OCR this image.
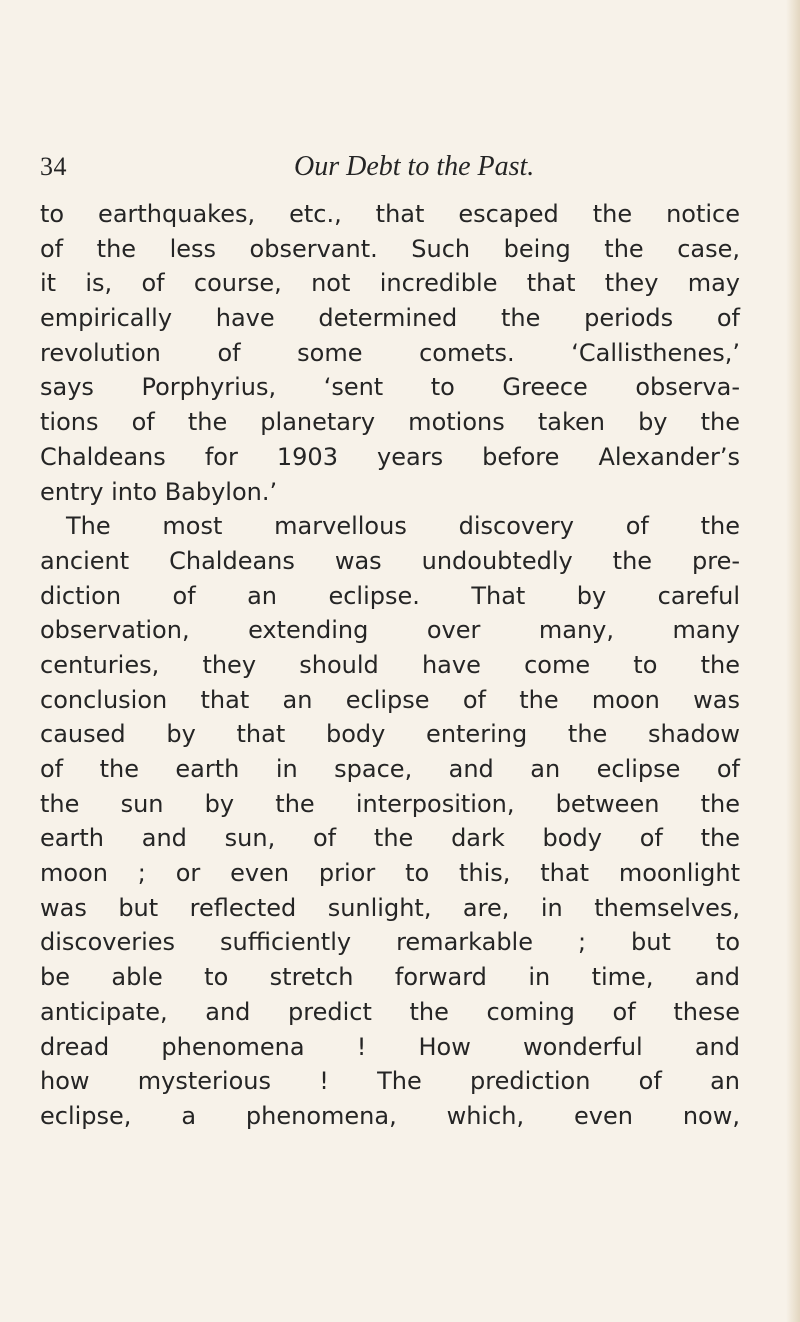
34	Our Debt to the Past.
to earthquakes, etc., that escaped the notice
of the less observant. Such being the case,
it is, of course, not incredible that they may
empirically have determined the periods of
revolution of some comets. ‘Callisthenes,’
says Porphyrius, ‘sent to Greece observa-
tions of the planetary motions taken by the
Chaldeans for 1903 years before Alexander’s
entry into Babylon.’
The most marvellous discovery of the
ancient Chaldeans was undoubtedly the pre-
diction of an eclipse. That by careful
observation, extending over many, many
centuries, they should have come to the
conclusion that an eclipse of the moon was
caused by that body entering the shadow
of the earth in space, and an eclipse of
the sun by the interposition, between the
earth and sun, of the dark body of the
moon ; or even prior to this, that moonlight
was but reflected sunlight, are, in themselves,
discoveries sufficiently remarkable ; but to
be able to stretch forward in time, and
anticipate, and predict the coming of these
dread phenomena ! How wonderful and
how mysterious ! The prediction of an
eclipse, a phenomena, which, even now,
